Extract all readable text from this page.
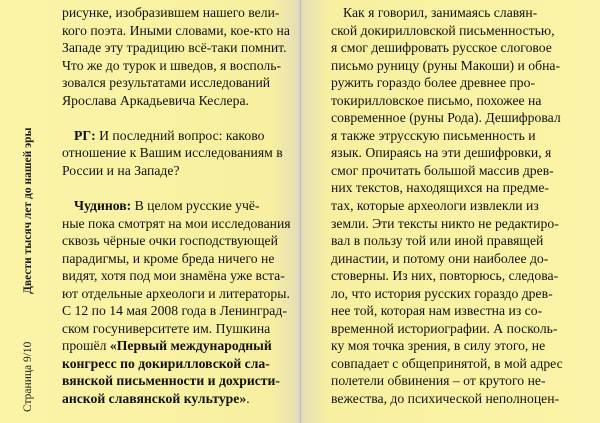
Страница 9/10
Двести тысяч лет до нашей эры
рисунке, изобразившем нашего вели-
кого поэта. Иными словами, кое-кто на
Западе эту традицию всё-таки помнит.
Что же до турок и шведов, я восполь-
зовался результатами исследований
Ярослава Аркадьевича Кеслера.
РГ: И последний вопрос: каково
отношение к Вашим исследованиям в
России и на Западе?
Чудинов: В целом русские учё-
ные пока смотрят на мои исследования
сквозь чёрные очки господствующей
парадигмы, и кроме бреда ничего не
видят, хотя под мои знамёна уже вста-
ют отдельные археологи и литераторы.
С 12 по 14 мая 2008 года в Ленинград-
ском госуниверситете им. Пушкина
прошёл «Первый международный
конгресс по докирилловской сла-
вянской письменности и дохристи-
анской славянской культуре».
Как я говорил, занимаясь славян-
ской докирилловской письменностью,
я смог дешифровать русское слоговое
письмо руницу (руны Макоши) и обна-
ружить гораздо более древнее про-
токирилловское письмо, похожее на
современное (руны Рода). Дешифровал
я также этрусскую письменность и
язык. Опираясь на эти дешифровки, я
смог прочитать большой массив древ-
них текстов, находящихся на предме-
тах, которые археологи извлекли из
земли. Эти тексты никто не редактиро-
вал в пользу той или иной правящей
династии, и потому они наиболее до-
стоверны. Из них, повторюсь, следова-
ло, что история русских гораздо древ-
нее той, которая нам известна из со-
временной историографии. А посколь-
ку моя точка зрения, в силу этого, не
совпадает с общепринятой, в мой адрес
полетели обвинения – от крутого не-
вежества, до психической неполноцен-
